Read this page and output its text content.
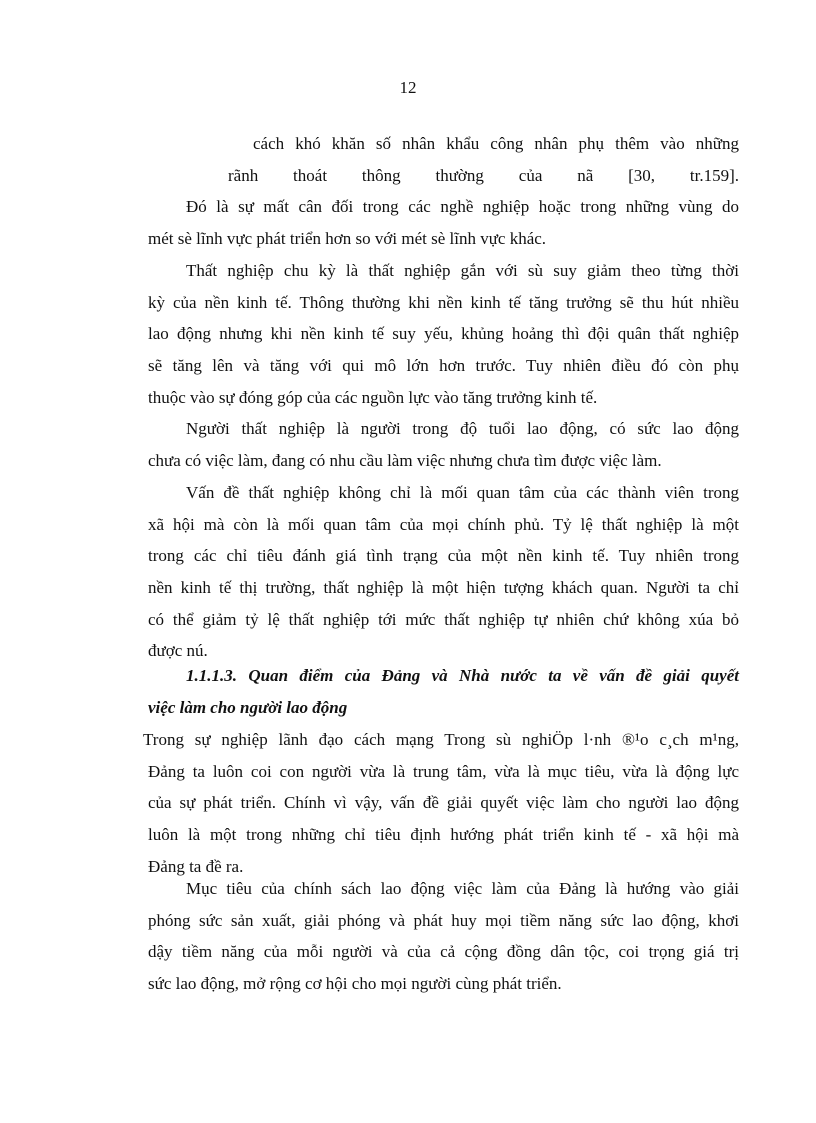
12
cách khó khăn số nhân khẩu công nhân phụ thêm vào những
rãnh thoát thông thường của nã [30, tr.159].
Đó là sự mất cân đối trong các nghề nghiệp hoặc trong những vùng do
mét sè lĩnh vực phát triển hơn so với mét sè lĩnh vực khác.
Thất nghiệp chu kỳ là thất nghiệp gắn với sù suy giảm theo từng thời
kỳ của nền kinh tế. Thông thường khi nền kinh tế tăng trưởng sẽ thu hút nhiều
lao động nhưng khi nền kinh tế suy yếu, khủng hoảng thì đội quân thất nghiệp
sẽ tăng lên và tăng với qui mô lớn hơn trước. Tuy nhiên điều đó còn phụ
thuộc vào sự đóng góp của các nguồn lực vào tăng trưởng kinh tế.
Người thất nghiệp là người trong độ tuổi lao động, có sức lao động
chưa có việc làm, đang có nhu cầu làm việc nhưng chưa tìm được việc làm.
Vấn đề thất nghiệp không chỉ là mối quan tâm của các thành viên trong
xã hội mà còn là mối quan tâm của mọi chính phủ. Tỷ lệ thất nghiệp là một
trong các chỉ tiêu đánh giá tình trạng của một nền kinh tế. Tuy nhiên trong
nền kinh tế thị trường, thất nghiệp là một hiện tượng khách quan. Người ta chỉ
có thể giảm tỷ lệ thất nghiệp tới mức thất nghiệp tự nhiên chứ không xúa bỏ
được nú.
1.1.1.3. Quan điểm của Đảng và Nhà nước ta về vấn đề giải quyết
việc làm cho người lao động
Trong sự nghiệp lãnh đạo cách mạng Trong sù nghiÖp l·nh ®¹o c¸ch m¹ng,
Đảng ta luôn coi con người vừa là trung tâm, vừa là mục tiêu, vừa là động lực
của sự phát triển. Chính vì vậy, vấn đề giải quyết việc làm cho người lao động
luôn là một trong những chỉ tiêu định hướng phát triển kinh tế - xã hội mà
Đảng ta đề ra.
Mục tiêu của chính sách lao động việc làm của Đảng là hướng vào giải
phóng sức sản xuất, giải phóng và phát huy mọi tiềm năng sức lao động, khơi
dậy tiềm năng của mỗi người và của cả cộng đồng dân tộc, coi trọng giá trị
sức lao động, mở rộng cơ hội cho mọi người cùng phát triển.
